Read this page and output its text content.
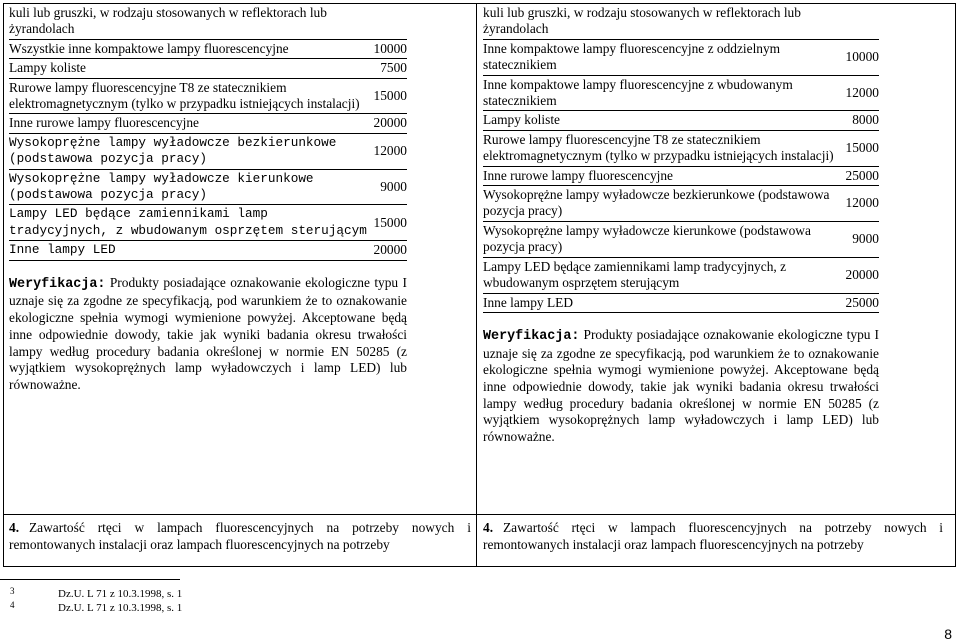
kuli lub gruszki, w rodzaju stosowanych w reflektorach lub żyrandolach	
Wszystkie inne kompaktowe lampy fluorescencyjne	10000
Lampy koliste	7500
Rurowe lampy fluorescencyjne T8 ze statecznikiem elektromagnetycznym (tylko w przypadku istniejących instalacji)	15000
Inne rurowe lampy fluorescencyjne	20000
Wysokoprężne lampy wyładowcze bezkierunkowe (podstawowa pozycja pracy)	12000
Wysokoprężne lampy wyładowcze kierunkowe (podstawowa pozycja pracy)	9000
Lampy LED będące zamiennikami lamp tradycyjnych, z wbudowanym osprzętem sterującym	15000
Inne lampy LED	20000

Weryfikacja: Produkty posiadające oznakowanie ekologiczne typu I uznaje się za zgodne ze specyfikacją, pod warunkiem że to oznakowanie ekologiczne spełnia wymogi wymienione powyżej. Akceptowane będą inne odpowiednie dowody, takie jak wyniki badania okresu trwałości lampy według procedury badania określonej w normie EN 50285 (z wyjątkiem wysokoprężnych lamp wyładowczych i lamp LED) lub równoważne.

kuli lub gruszki, w rodzaju stosowanych w reflektorach lub żyrandolach	
Inne kompaktowe lampy fluorescencyjne z oddzielnym statecznikiem	10000
Inne kompaktowe lampy fluorescencyjne z wbudowanym statecznikiem	12000
Lampy koliste	8000
Rurowe lampy fluorescencyjne T8 ze statecznikiem elektromagnetycznym (tylko w przypadku istniejących instalacji)	15000
Inne rurowe lampy fluorescencyjne	25000
Wysokoprężne lampy wyładowcze bezkierunkowe (podstawowa pozycja pracy)	12000
Wysokoprężne lampy wyładowcze kierunkowe (podstawowa pozycja pracy)	9000
Lampy LED będące zamiennikami lamp tradycyjnych, z wbudowanym osprzętem sterującym	20000
Inne lampy LED	25000

Weryfikacja: Produkty posiadające oznakowanie ekologiczne typu I uznaje się za zgodne ze specyfikacją, pod warunkiem że to oznakowanie ekologiczne spełnia wymogi wymienione powyżej. Akceptowane będą inne odpowiednie dowody, takie jak wyniki badania okresu trwałości lampy według procedury badania określonej w normie EN 50285 (z wyjątkiem wysokoprężnych lamp wyładowczych i lamp LED) lub równoważne.

4. Zawartość rtęci w lampach fluorescencyjnych na potrzeby nowych i remontowanych instalacji oraz lampach fluorescencyjnych na potrzeby
4. Zawartość rtęci w lampach fluorescencyjnych na potrzeby nowych i remontowanych instalacji oraz lampach fluorescencyjnych na potrzeby
$^3$	Dz.U. L 71 z 10.3.1998, s. 1
$^4$	Dz.U. L 71 z 10.3.1998, s. 1
8
